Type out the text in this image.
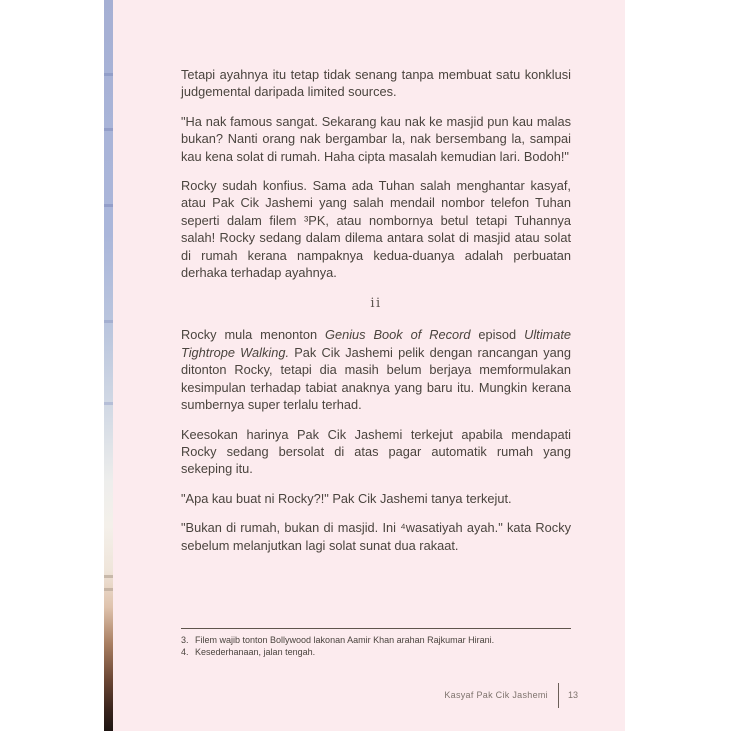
Tetapi ayahnya itu tetap tidak senang tanpa membuat satu konklusi judgemental daripada limited sources.

"Ha nak famous sangat. Sekarang kau nak ke masjid pun kau malas bukan? Nanti orang nak bergambar la, nak bersembang la, sampai kau kena solat di rumah. Haha cipta masalah kemudian lari. Bodoh!"

Rocky sudah konfius. Sama ada Tuhan salah menghantar kasyaf, atau Pak Cik Jashemi yang salah mendail nombor telefon Tuhan seperti dalam filem ³PK, atau nombornya betul tetapi Tuhannya salah! Rocky sedang dalam dilema antara solat di masjid atau solat di rumah kerana nampaknya kedua-duanya adalah perbuatan derhaka terhadap ayahnya.

ii

Rocky mula menonton Genius Book of Record episod Ultimate Tightrope Walking. Pak Cik Jashemi pelik dengan rancangan yang ditonton Rocky, tetapi dia masih belum berjaya memformulakan kesimpulan terhadap tabiat anaknya yang baru itu. Mungkin kerana sumbernya super terlalu terhad.

Keesokan harinya Pak Cik Jashemi terkejut apabila mendapati Rocky sedang bersolat di atas pagar automatik rumah yang sekeping itu.

"Apa kau buat ni Rocky?!" Pak Cik Jashemi tanya terkejut.

"Bukan di rumah, bukan di masjid. Ini ⁴wasatiyah ayah." kata Rocky sebelum melanjutkan lagi solat sunat dua rakaat.

3. Filem wajib tonton Bollywood lakonan Aamir Khan arahan Rajkumar Hirani.
4. Kesederhanaan, jalan tengah.
Kasyaf Pak Cik Jashemi 13
